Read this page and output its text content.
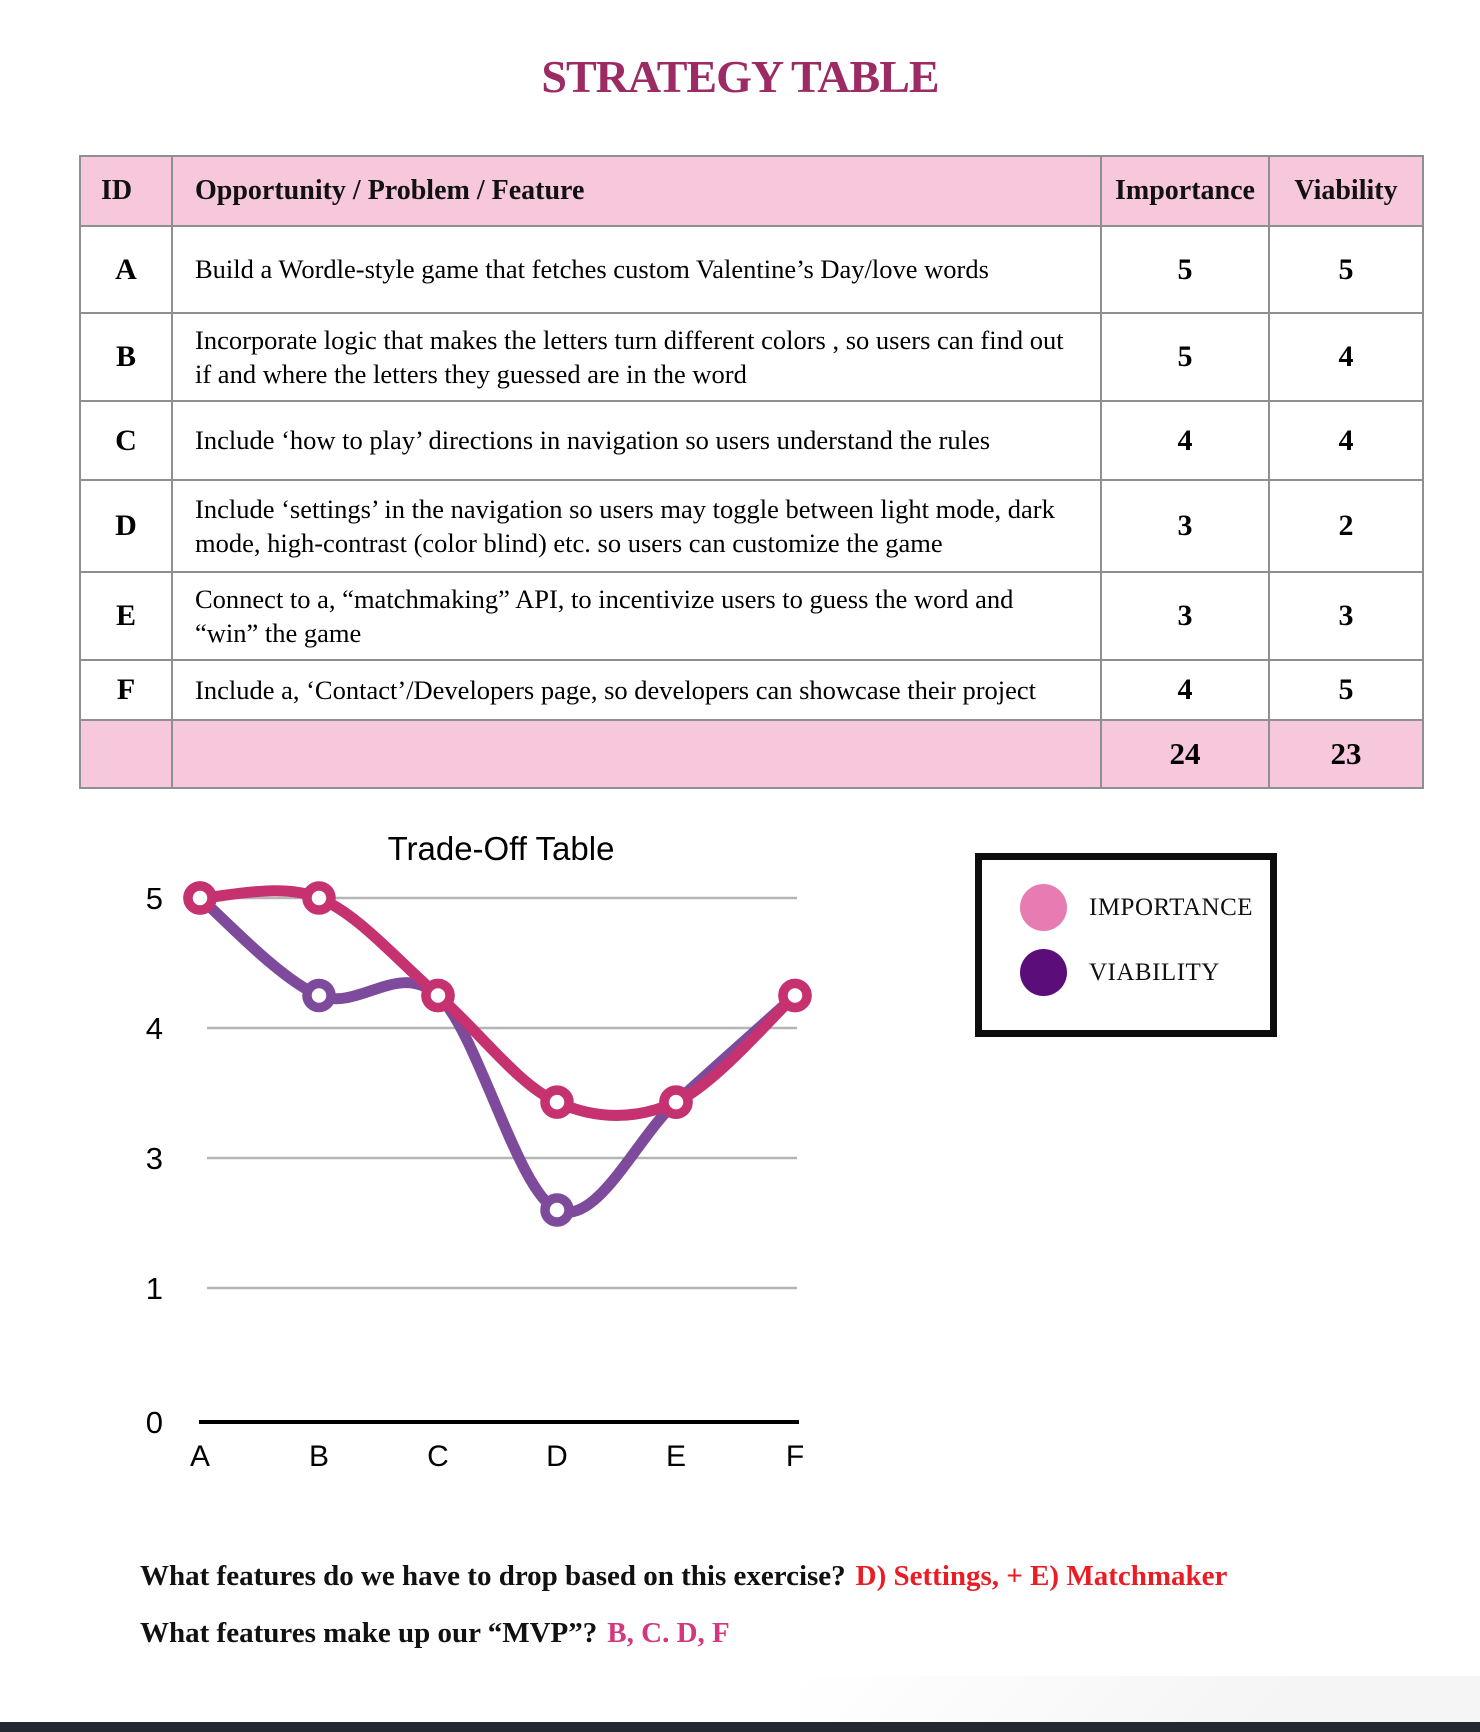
STRATEGY TABLE
ID	Opportunity / Problem / Feature	Importance	Viability
A	Build a Wordle-style game that fetches custom Valentine’s Day/love words	5	5
B	Incorporate logic that makes the letters turn different colors , so users can find out if and where the letters they guessed are in the word	5	4
C	Include ‘how to play’ directions in navigation so users understand the rules	4	4
D	Include ‘settings’ in the navigation so users may toggle between light mode, dark mode, high-contrast (color blind) etc. so users can customize the game	3	2
E	Connect to a, “matchmaking” API, to incentivize users to guess the word and “win” the game	3	3
F	Include a, ‘Contact’/Developers page, so developers can showcase their project	4	5
		24	23
5
4
3
1
0
A	B	C	D	E	F
Trade-Off Table
IMPORTANCE
VIABILITY

What features do we have to drop based on this exercise? D) Settings, + E) Matchmaker

What features make up our “MVP”? B, C. D, F
